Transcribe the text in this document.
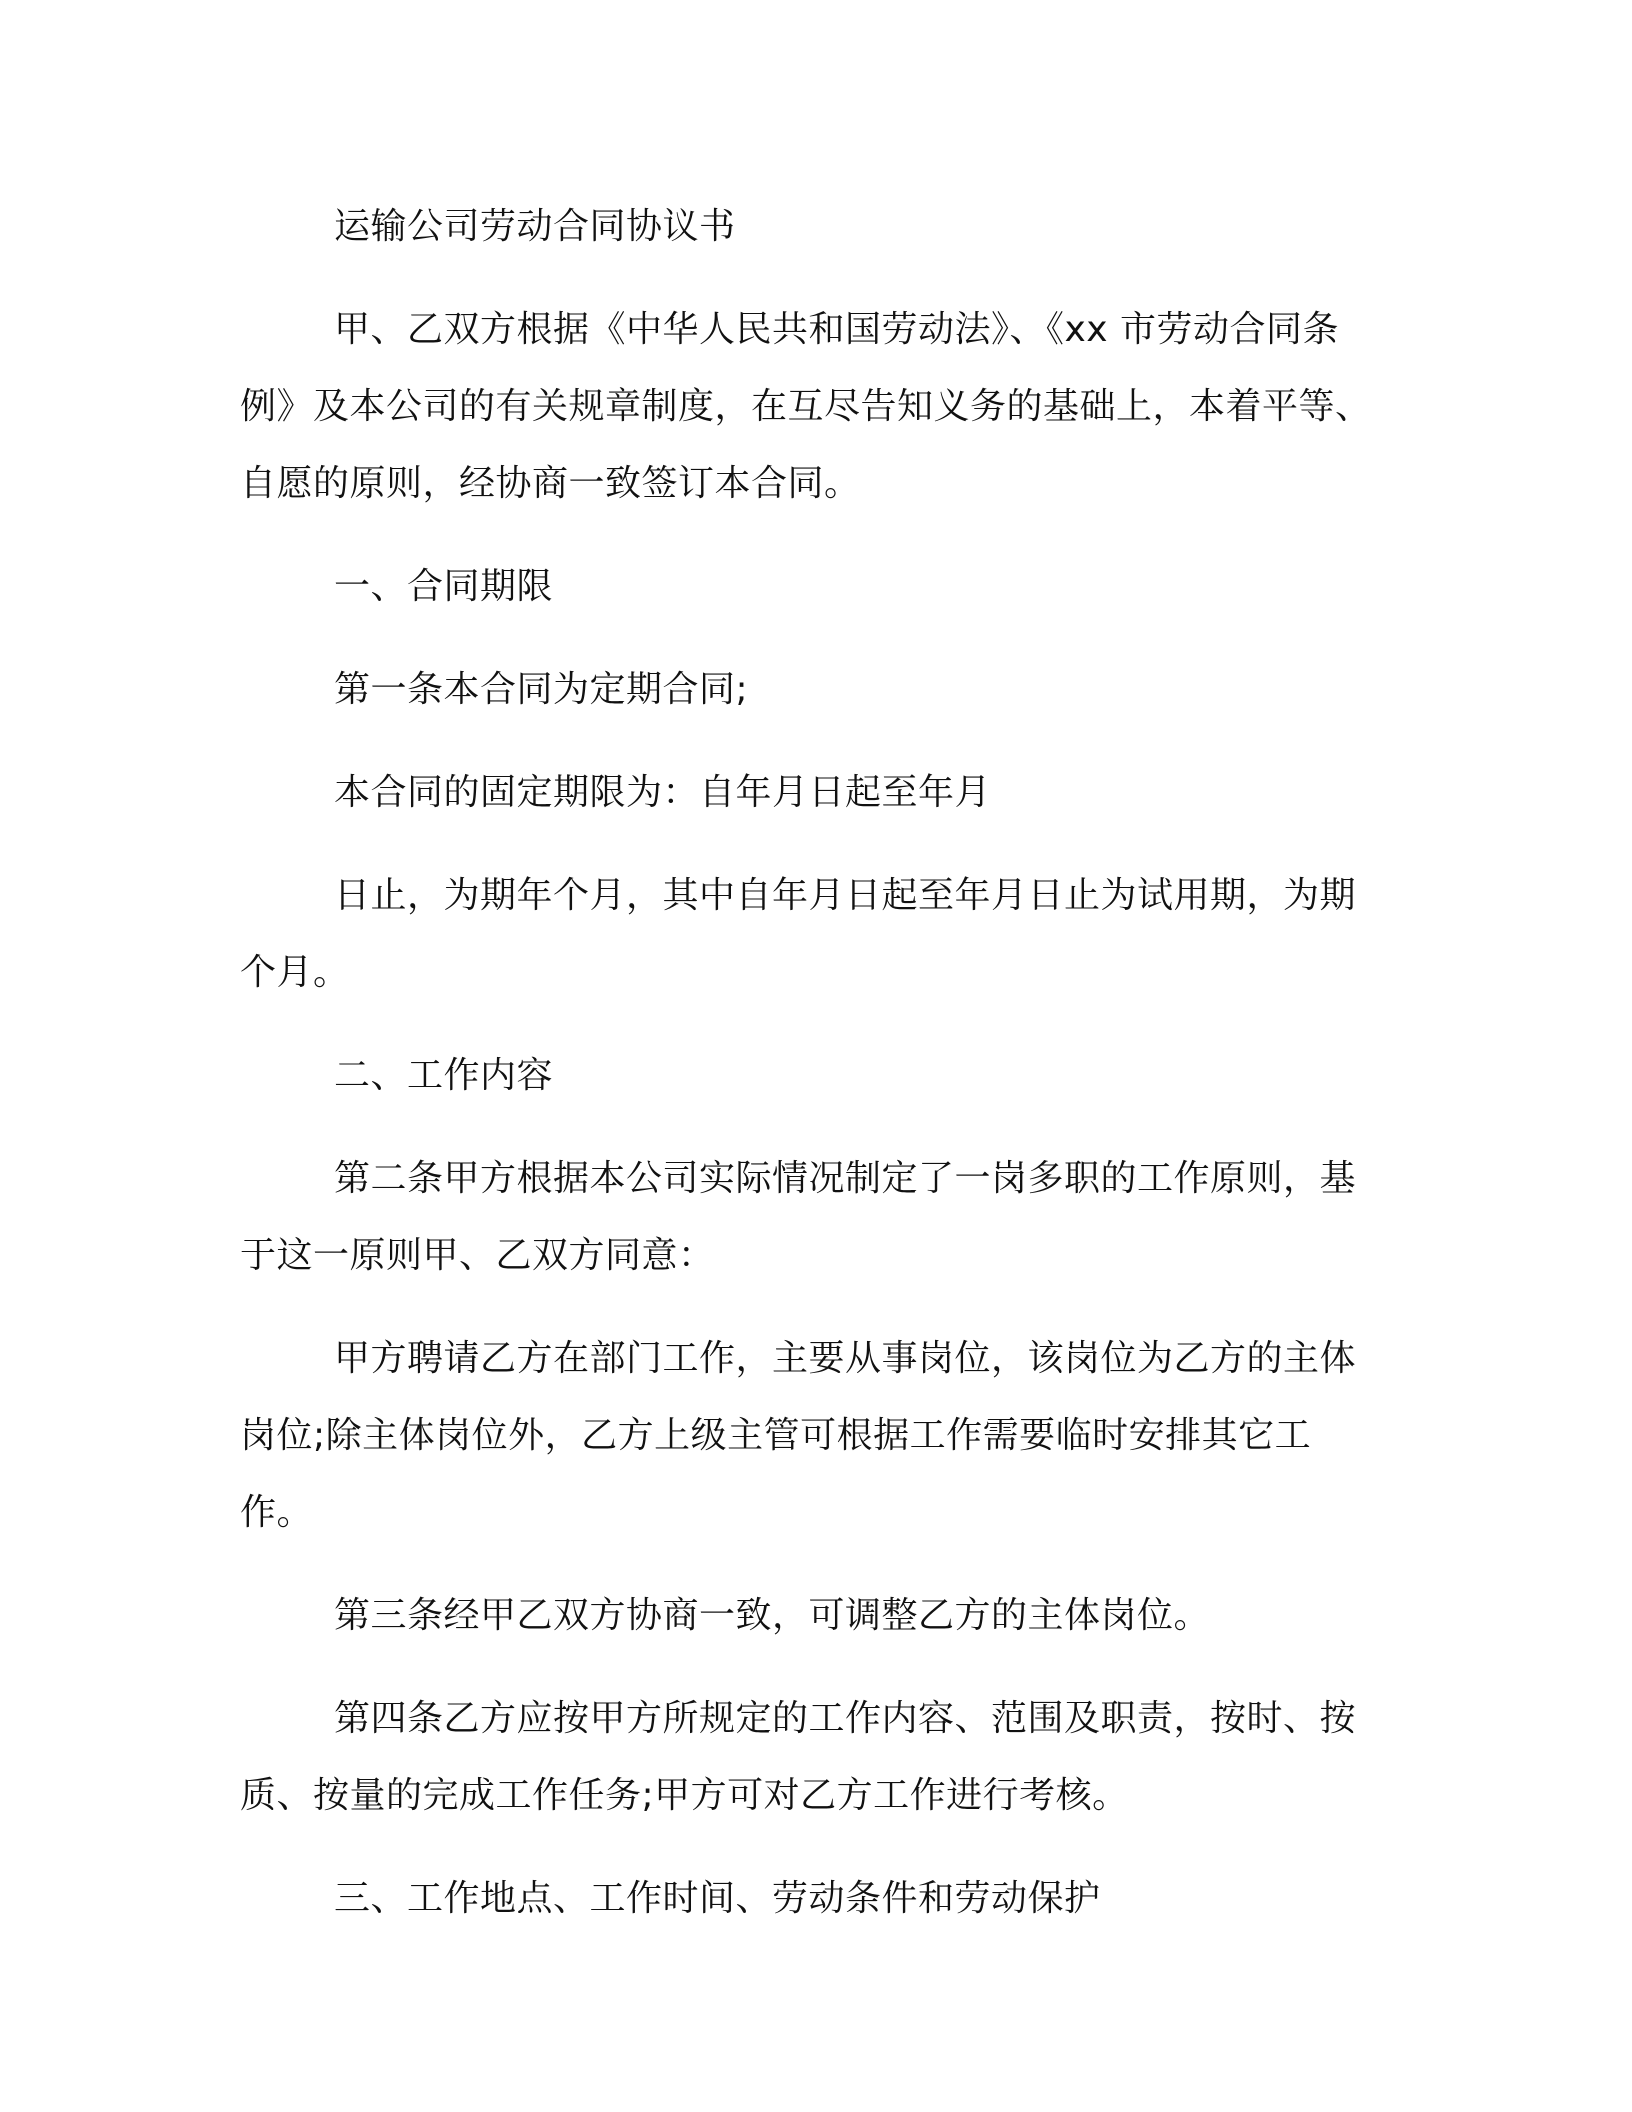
运输公司劳动合同协议书

甲、乙双方根据《中华人民共和国劳动法》、《xx 市劳动合同条例》及本公司的有关规章制度，在互尽告知义务的基础上，本着平等、自愿的原则，经协商一致签订本合同。

一、合同期限

第一条本合同为定期合同;

本合同的固定期限为：自年月日起至年月

日止，为期年个月，其中自年月日起至年月日止为试用期，为期个月。

二、工作内容

第二条甲方根据本公司实际情况制定了一岗多职的工作原则，基于这一原则甲、乙双方同意：

甲方聘请乙方在部门工作，主要从事岗位，该岗位为乙方的主体岗位;除主体岗位外，乙方上级主管可根据工作需要临时安排其它工作。

第三条经甲乙双方协商一致，可调整乙方的主体岗位。

第四条乙方应按甲方所规定的工作内容、范围及职责，按时、按质、按量的完成工作任务;甲方可对乙方工作进行考核。

三、工作地点、工作时间、劳动条件和劳动保护
